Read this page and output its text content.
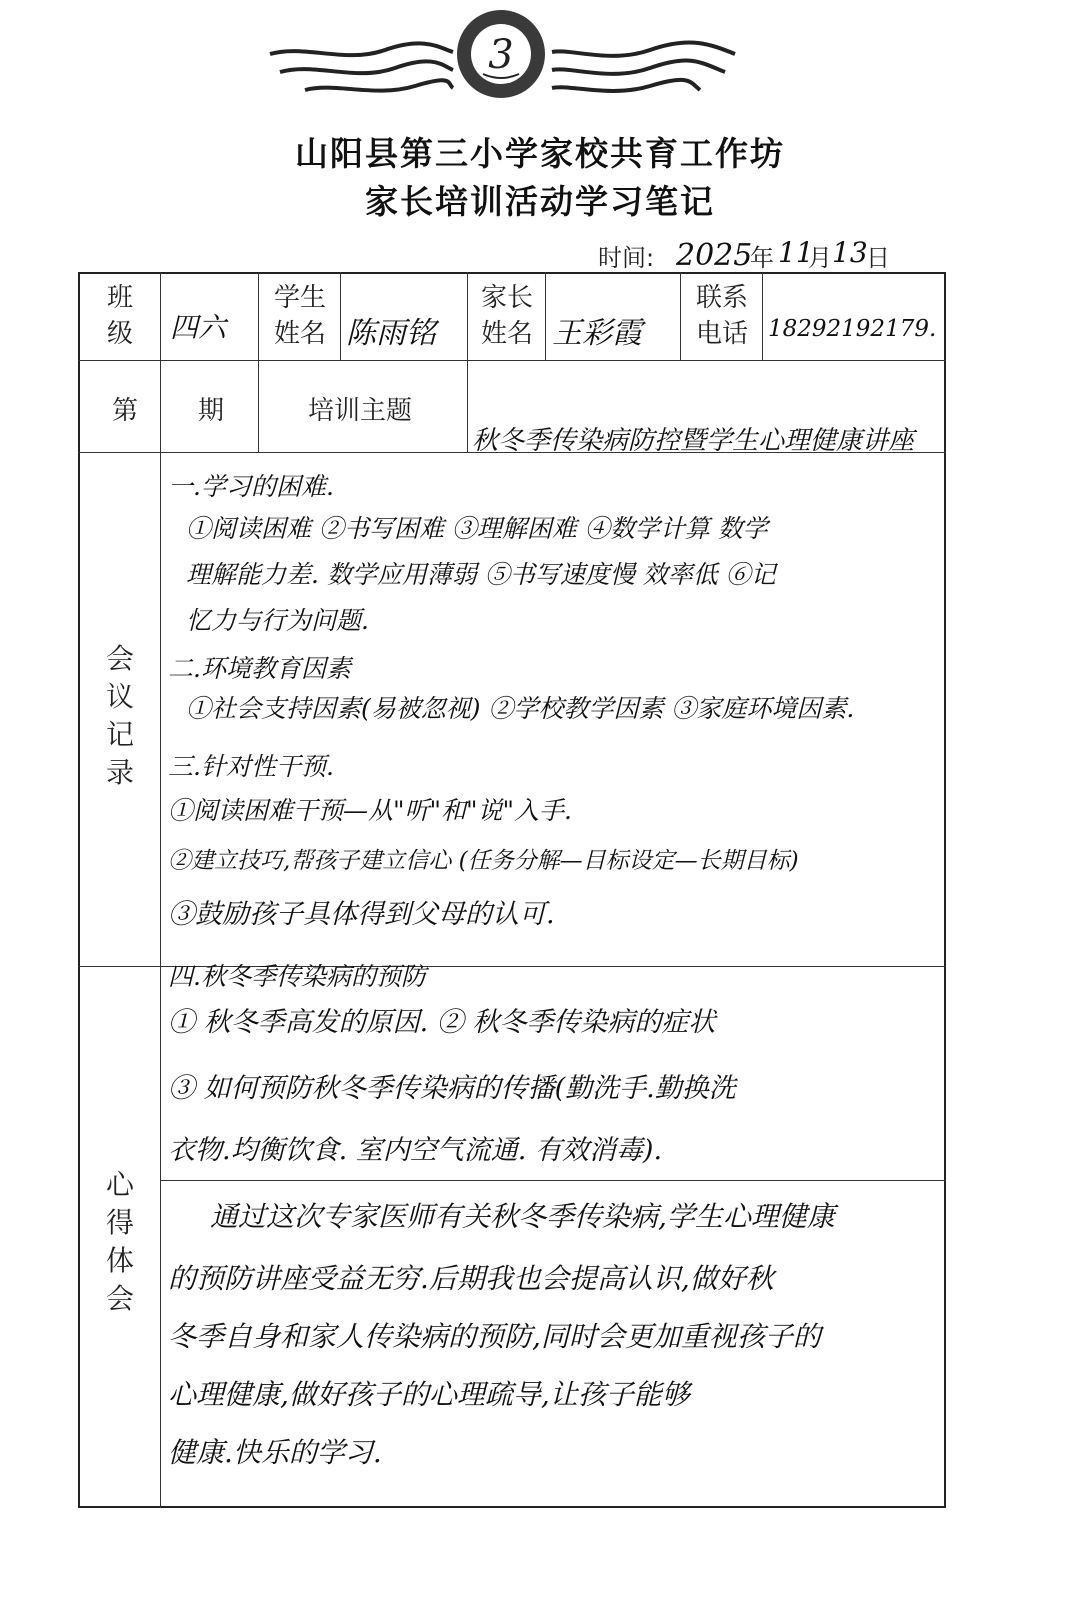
3
山阳县第三小学家校共育工作坊
家长培训活动学习笔记
时间: 2025
年 11
月 13
日
班
级	四六
学生
姓名 陈雨铭
家长
姓名 王彩霞
联系
电话 18292192179.
第 期	培训主题
秋冬季传染病防控暨学生心理健康讲座
会
议
记
录
一.学习的困难.
①阅读困难 ②书写困难 ③理解困难 ④数学计算 数学
理解能力差. 数学应用薄弱 ⑤书写速度慢 效率低 ⑥记
忆力与行为问题.
二.环境教育因素
①社会支持因素(易被忽视) ②学校教学因素 ③家庭环境因素.
三.针对性干预.
①阅读困难干预—从"听"和"说"入手.
②建立技巧,帮孩子建立信心 (任务分解—目标设定—长期目标)
③鼓励孩子具体得到父母的认可.
四.秋冬季传染病的预防
① 秋冬季高发的原因. ② 秋冬季传染病的症状
③ 如何预防秋冬季传染病的传播(勤洗手.勤换洗
衣物.均衡饮食. 室内空气流通. 有效消毒).
心
得
体
会
通过这次专家医师有关秋冬季传染病,学生心理健康
的预防讲座受益无穷.后期我也会提高认识,做好秋
冬季自身和家人传染病的预防,同时会更加重视孩子的
心理健康,做好孩子的心理疏导,让孩子能够
健康.快乐的学习.
